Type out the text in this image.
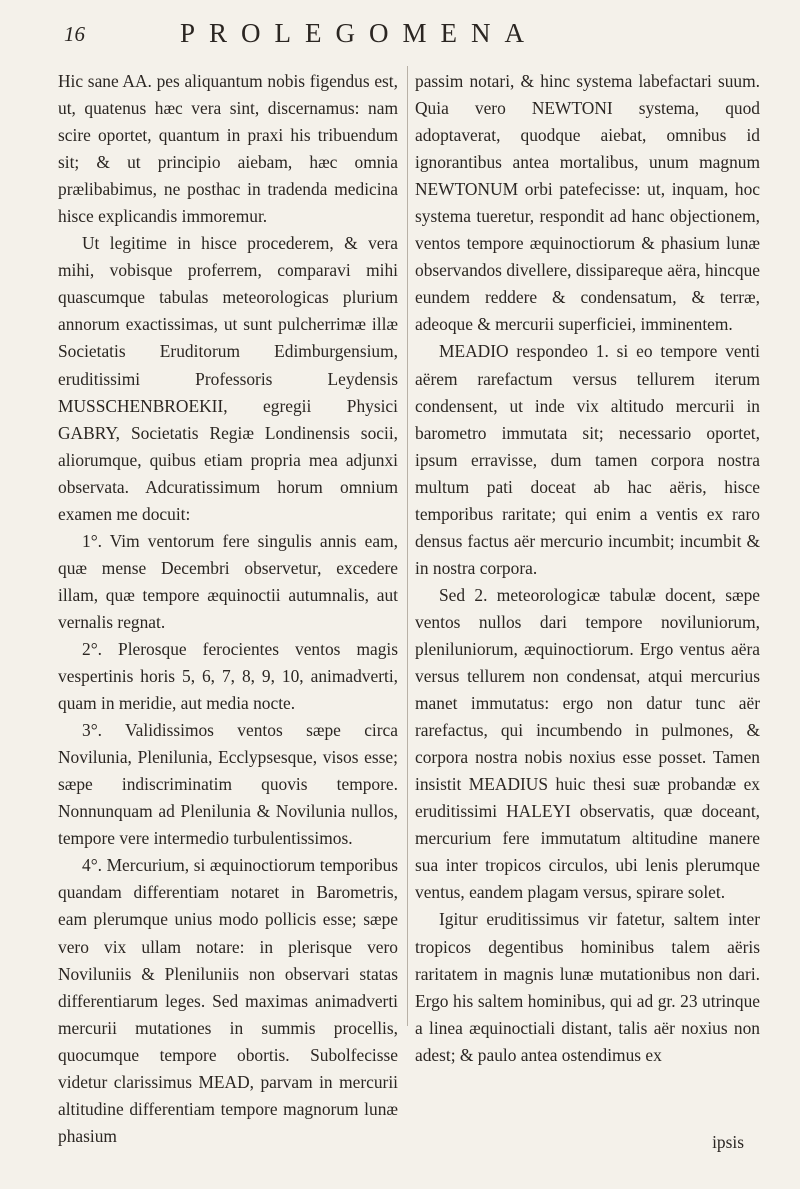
16	PROLEGOMENA

Hic sane AA. pes aliquantum nobis figendus est, ut, quatenus hæc vera sint, discernamus: nam scire oportet, quantum in praxi his tribuendum sit; & ut principio aiebam, hæc omnia prælibabimus, ne posthac in tradenda medicina hisce explicandis immoremur.

Ut legitime in hisce procederem, & vera mihi, vobisque proferrem, comparavi mihi quascumque tabulas meteorologicas plurium annorum exactissimas, ut sunt pulcherrimæ illæ Societatis Eruditorum Edimburgensium, eruditissimi Professoris Leydensis MUSSCHENBROEKII, egregii Physici GABRY, Societatis Regiæ Londinensis socii, aliorumque, quibus etiam propria mea adjunxi observata. Adcuratissimum horum omnium examen me docuit:

1°. Vim ventorum fere singulis annis eam, quæ mense Decembri observetur, excedere illam, quæ tempore æquinoctii autumnalis, aut vernalis regnat.

2°. Plerosque ferocientes ventos magis vespertinis horis 5, 6, 7, 8, 9, 10, animadverti, quam in meridie, aut media nocte.

3°. Validissimos ventos sæpe circa Novilunia, Plenilunia, Ecclypsesque, visos esse; sæpe indiscriminatim quovis tempore. Nonnunquam ad Plenilunia & Novilunia nullos, tempore vere intermedio turbulentissimos.

4°. Mercurium, si æquinoctiorum temporibus quandam differentiam notaret in Barometris, eam plerumque unius modo pollicis esse; sæpe vero vix ullam notare: in plerisque vero Noviluniis & Pleniluniis non observari statas differentiarum leges. Sed maximas animadverti mercurii mutationes in summis procellis, quocumque tempore obortis. Subolfecisse videtur clarissimus MEAD, parvam in mercurii altitudine differentiam tempore magnorum lunæ phasium

passim notari, & hinc systema labefactari suum. Quia vero NEWTONI systema, quod adoptaverat, quodque aiebat, omnibus id ignorantibus antea mortalibus, unum magnum NEWTONUM orbi patefecisse: ut, inquam, hoc systema tueretur, respondit ad hanc objectionem, ventos tempore æquinoctiorum & phasium lunæ observandos divellere, dissipareque aëra, hincque eundem reddere & condensatum, & terræ, adeoque & mercurii superficiei, imminentem.

MEADIO respondeo 1. si eo tempore venti aërem rarefactum versus tellurem iterum condensent, ut inde vix altitudo mercurii in barometro immutata sit; necessario oportet, ipsum erravisse, dum tamen corpora nostra multum pati doceat ab hac aëris, hisce temporibus raritate; qui enim a ventis ex raro densus factus aër mercurio incumbit; incumbit & in nostra corpora.

Sed 2. meteorologicæ tabulæ docent, sæpe ventos nullos dari tempore noviluniorum, pleniluniorum, æquinoctiorum. Ergo ventus aëra versus tellurem non condensat, atqui mercurius manet immutatus: ergo non datur tunc aër rarefactus, qui incumbendo in pulmones, & corpora nostra nobis noxius esse posset. Tamen insistit MEADIUS huic thesi suæ probandæ ex eruditissimi HALEYI observatis, quæ doceant, mercurium fere immutatum altitudine manere sua inter tropicos circulos, ubi lenis plerumque ventus, eandem plagam versus, spirare solet.

Igitur eruditissimus vir fatetur, saltem inter tropicos degentibus hominibus talem aëris raritatem in magnis lunæ mutationibus non dari. Ergo his saltem hominibus, qui ad gr. 23 utrinque a linea æquinoctiali distant, talis aër noxius non adest; & paulo antea ostendimus ex

ipsis
